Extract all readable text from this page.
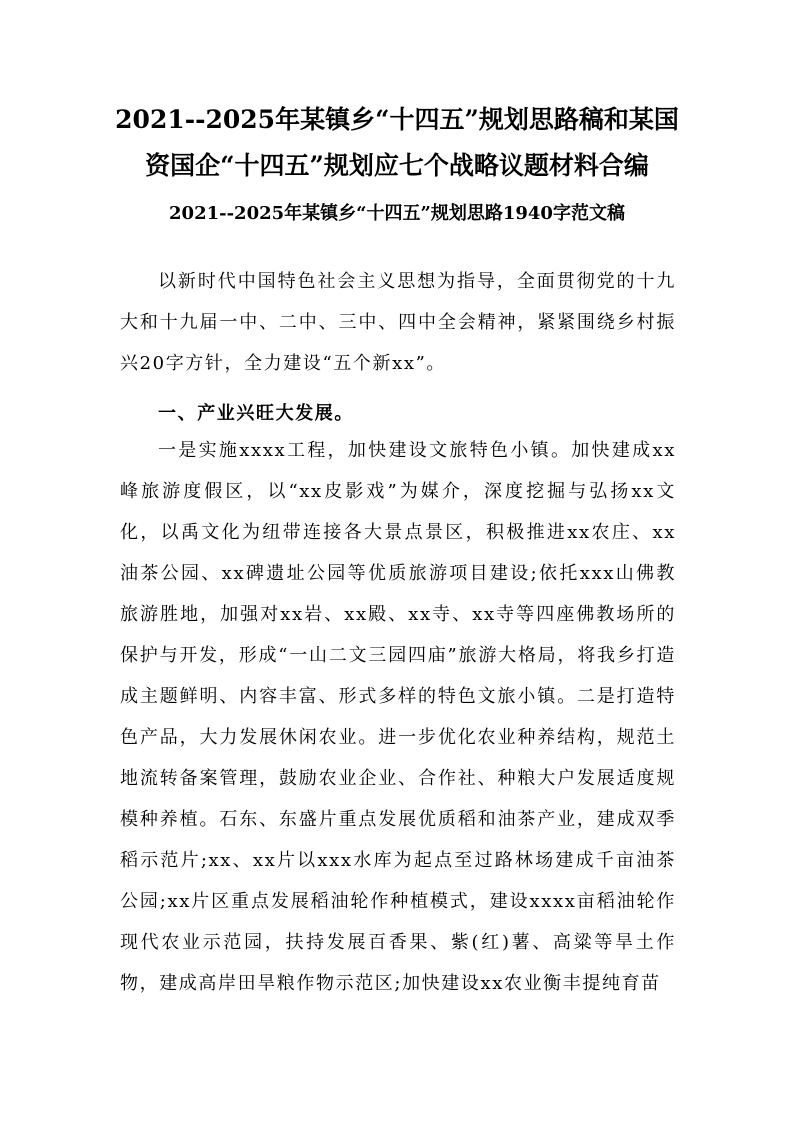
2021--2025年某镇乡“十四五”规划思路稿和某国
资国企“十四五”规划应七个战略议题材料合编

2021--2025年某镇乡“十四五”规划思路1940字范文稿

以新时代中国特色社会主义思想为指导，全面贯彻党的十九大和十九届一中、二中、三中、四中全会精神，紧紧围绕乡村振兴20字方针，全力建设“五个新xx”。

一、产业兴旺大发展。

一是实施xxxx工程，加快建设文旅特色小镇。加快建成xx峰旅游度假区，以“xx皮影戏”为媒介，深度挖掘与弘扬xx文化，以禹文化为纽带连接各大景点景区，积极推进xx农庄、xx油茶公园、xx碑遗址公园等优质旅游项目建设;依托xxx山佛教旅游胜地，加强对xx岩、xx殿、xx寺、xx寺等四座佛教场所的保护与开发，形成“一山二文三园四庙”旅游大格局，将我乡打造成主题鲜明、内容丰富、形式多样的特色文旅小镇。二是打造特色产品，大力发展休闲农业。进一步优化农业种养结构，规范土地流转备案管理，鼓励农业企业、合作社、种粮大户发展适度规模种养植。石东、东盛片重点发展优质稻和油茶产业，建成双季稻示范片;xx、xx片以xxx水库为起点至过路林场建成千亩油茶公园;xx片区重点发展稻油轮作种植模式，建设xxxx亩稻油轮作现代农业示范园，扶持发展百香果、紫(红)薯、高粱等旱土作物，建成高岸田旱粮作物示范区;加快建设xx农业衡丰提纯育苗
